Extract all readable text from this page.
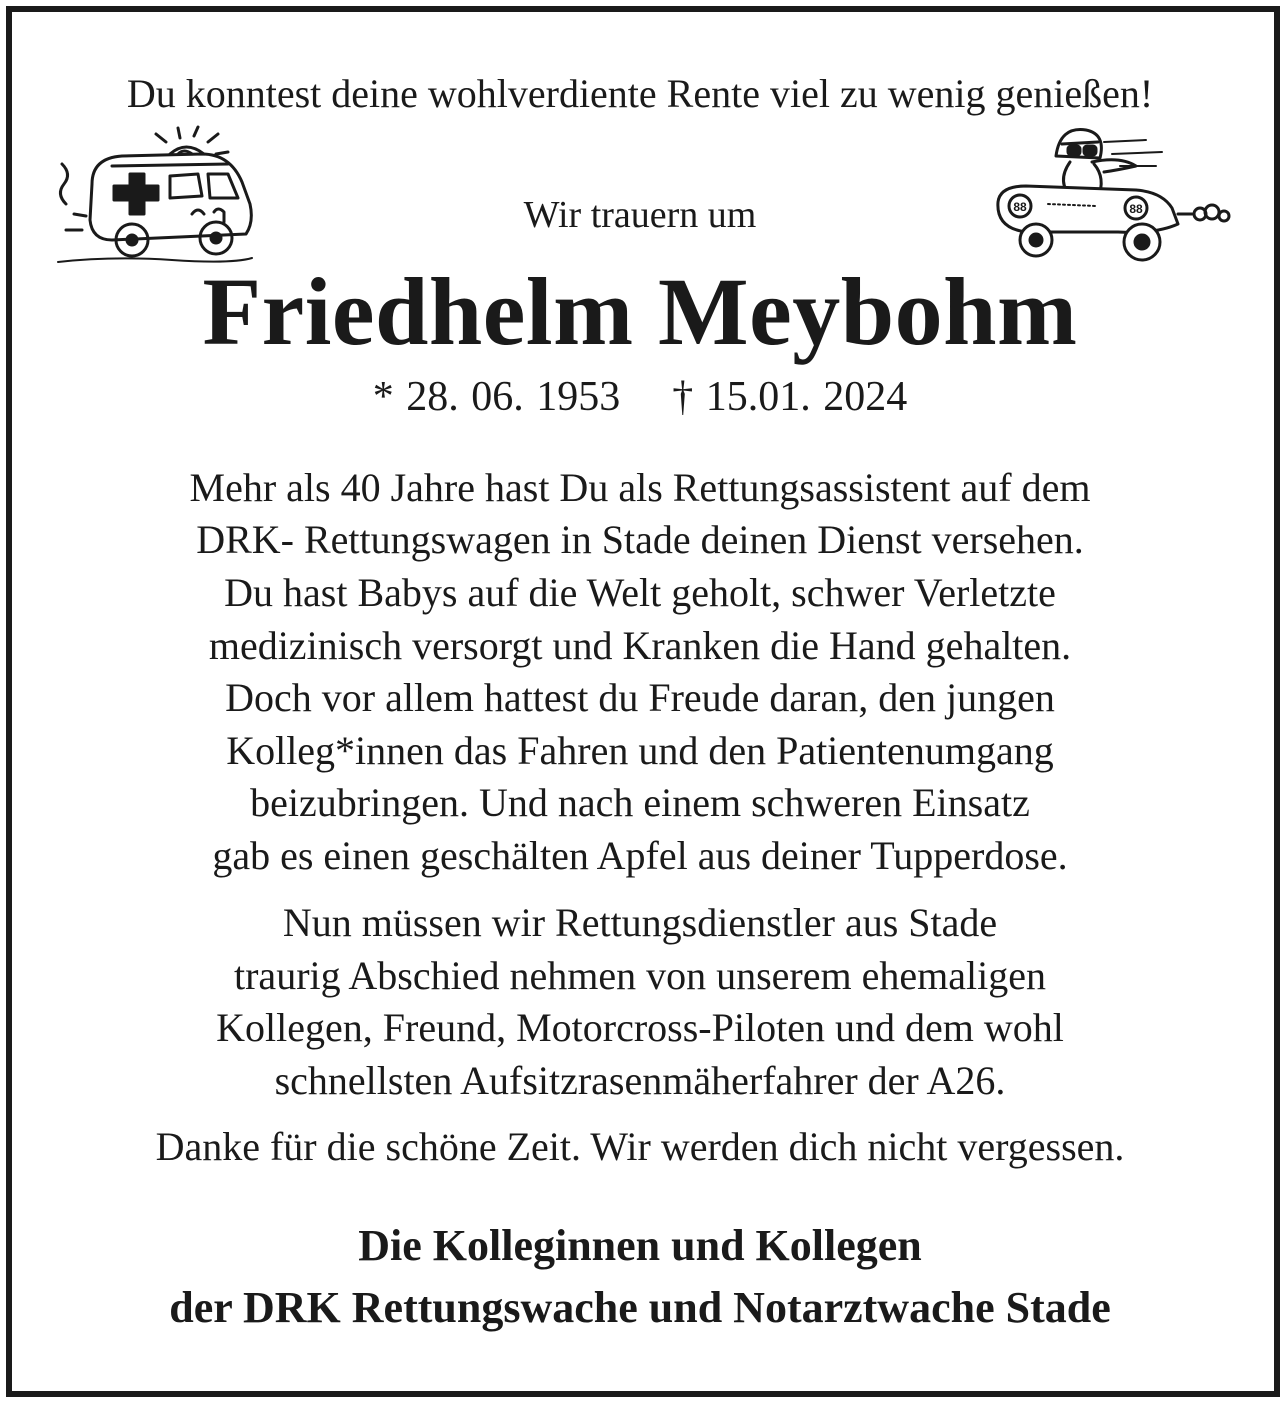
Du konntest deine wohlverdiente Rente viel zu wenig genießen!

Wir trauern um	88	88
Friedhelm Meybohm

* 28. 06. 1953 † 15.01. 2024

Mehr als 40 Jahre hast Du als Rettungsassistent auf dem

DRK- Rettungswagen in Stade deinen Dienst versehen.

Du hast Babys auf die Welt geholt, schwer Verletzte

medizinisch versorgt und Kranken die Hand gehalten.

Doch vor allem hattest du Freude daran, den jungen

Kolleg*innen das Fahren und den Patientenumgang

beizubringen. Und nach einem schweren Einsatz

gab es einen geschälten Apfel aus deiner Tupperdose.

Nun müssen wir Rettungsdienstler aus Stade

traurig Abschied nehmen von unserem ehemaligen

Kollegen, Freund, Motorcross-Piloten und dem wohl

schnellsten Aufsitzrasenmäherfahrer der A26.

Danke für die schöne Zeit. Wir werden dich nicht vergessen.

Die Kolleginnen und Kollegen

der DRK Rettungswache und Notarztwache Stade
